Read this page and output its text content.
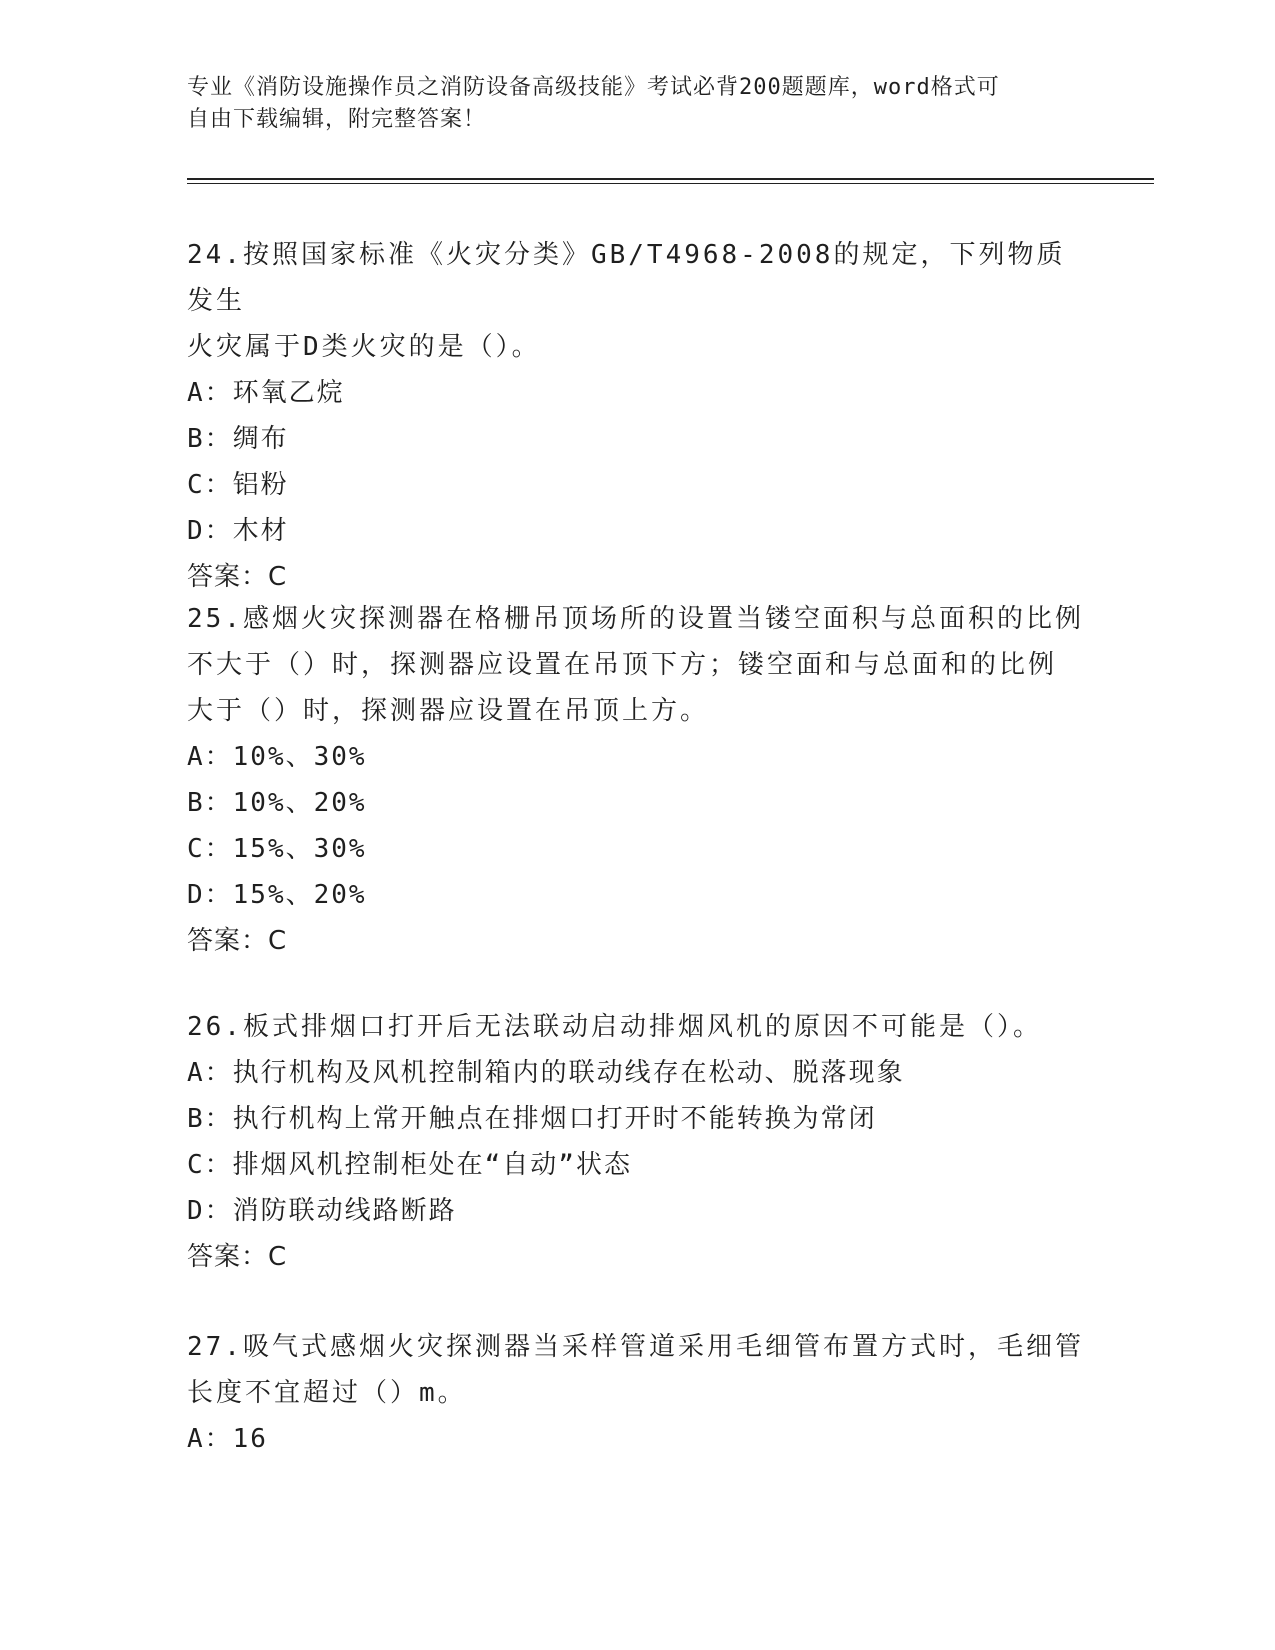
专业《消防设施操作员之消防设备高级技能》考试必背200题题库，word格式可
自由下载编辑，附完整答案！

24.按照国家标准《火灾分类》GB/T4968-2008的规定，下列物质发生
火灾属于D类火灾的是（）。

A：环氧乙烷

B：绸布

C：铝粉

D：木材

答案：C

25.感烟火灾探测器在格栅吊顶场所的设置当镂空面积与总面积的比例
不大于（）时，探测器应设置在吊顶下方；镂空面和与总面和的比例
大于（）时，探测器应设置在吊顶上方。

A：10%、30%

B：10%、20%

C：15%、30%

D：15%、20%

答案：C

26.板式排烟口打开后无法联动启动排烟风机的原因不可能是（）。

A：执行机构及风机控制箱内的联动线存在松动、脱落现象

B：执行机构上常开触点在排烟口打开时不能转换为常闭

C：排烟风机控制柜处在“自动”状态

D：消防联动线路断路

答案：C

27.吸气式感烟火灾探测器当采样管道采用毛细管布置方式时，毛细管
长度不宜超过（）m。

A：16
